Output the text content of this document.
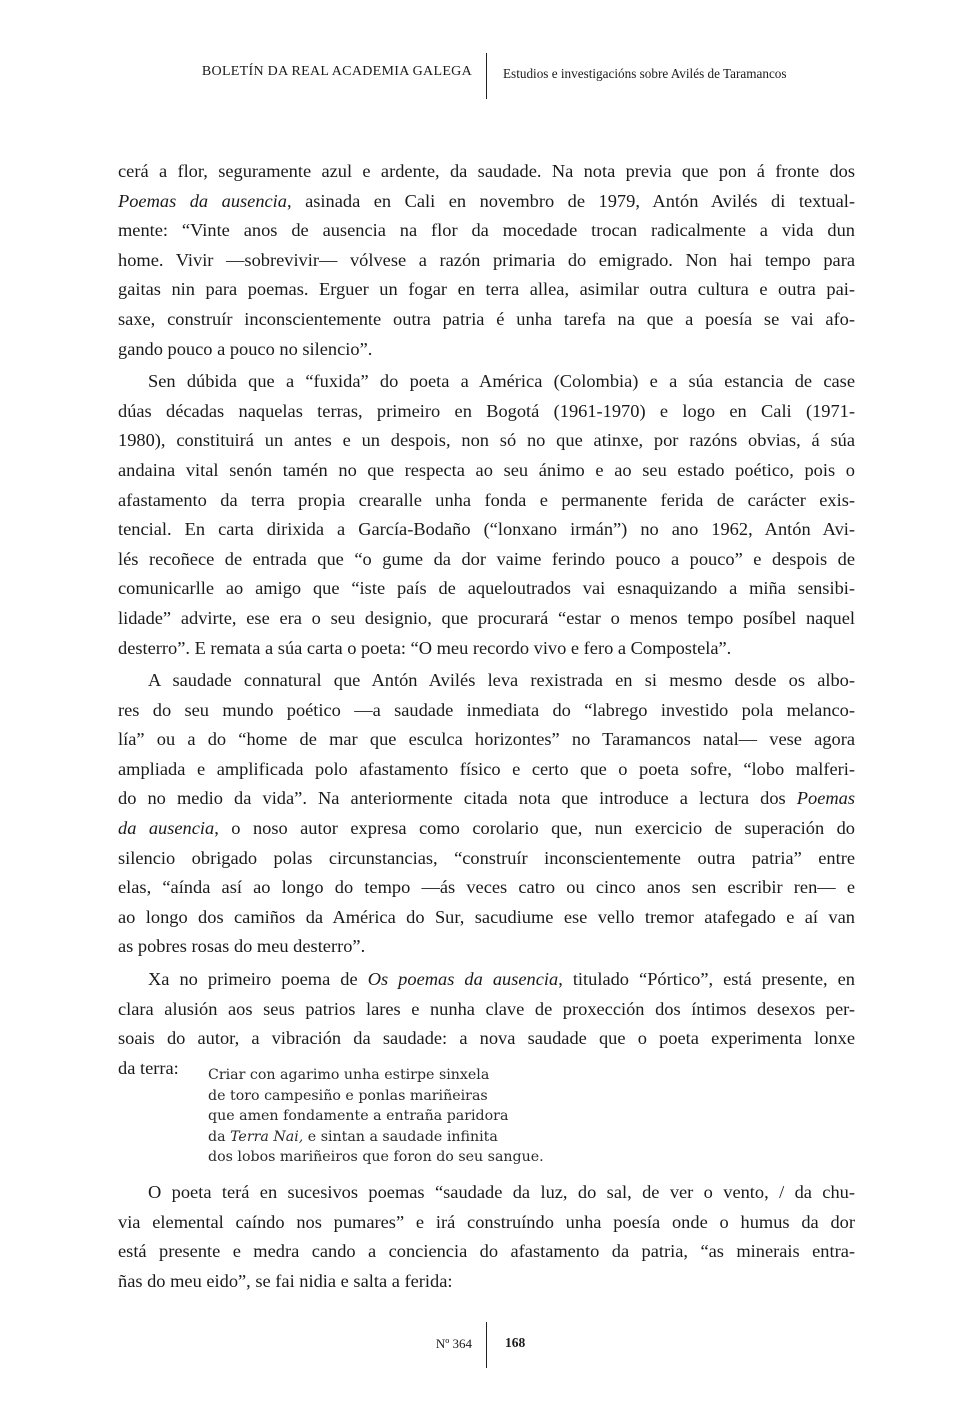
BOLETÍN DA REAL ACADEMIA GALEGA Estudios e investigacións sobre Avilés de Taramancos
cerá a flor, seguramente azul e ardente, da saudade. Na nota previa que pon á fronte dos
Poemas da ausencia, asinada en Cali en novembro de 1979, Antón Avilés di textual-
mente: “Vinte anos de ausencia na flor da mocedade trocan radicalmente a vida dun
home. Vivir —sobrevivir— vólvese a razón primaria do emigrado. Non hai tempo para
gaitas nin para poemas. Erguer un fogar en terra allea, asimilar outra cultura e outra pai-
saxe, construír inconscientemente outra patria é unha tarefa na que a poesía se vai afo-
gando pouco a pouco no silencio”.
Sen dúbida que a “fuxida” do poeta a América (Colombia) e a súa estancia de case
dúas décadas naquelas terras, primeiro en Bogotá (1961-1970) e logo en Cali (1971-
1980), constituirá un antes e un despois, non só no que atinxe, por razóns obvias, á súa
andaina vital senón tamén no que respecta ao seu ánimo e ao seu estado poético, pois o
afastamento da terra propia crearalle unha fonda e permanente ferida de carácter exis-
tencial. En carta dirixida a García-Bodaño (“lonxano irmán”) no ano 1962, Antón Avi-
lés recoñece de entrada que “o gume da dor vaime ferindo pouco a pouco” e despois de
comunicarlle ao amigo que “iste país de aqueloutrados vai esnaquizando a miña sensibi-
lidade” advirte, ese era o seu designio, que procurará “estar o menos tempo posíbel naquel
desterro”. E remata a súa carta o poeta: “O meu recordo vivo e fero a Compostela”.
A saudade connatural que Antón Avilés leva rexistrada en si mesmo desde os albo-
res do seu mundo poético —a saudade inmediata do “labrego investido pola melanco-
lía” ou a do “home de mar que esculca horizontes” no Taramancos natal— vese agora
ampliada e amplificada polo afastamento físico e certo que o poeta sofre, “lobo malferi-
do no medio da vida”. Na anteriormente citada nota que introduce a lectura dos Poemas
da ausencia, o noso autor expresa como corolario que, nun exercicio de superación do
silencio obrigado polas circunstancias, “construír inconscientemente outra patria” entre
elas, “aínda así ao longo do tempo —ás veces catro ou cinco anos sen escribir ren— e
ao longo dos camiños da América do Sur, sacudiume ese vello tremor atafegado e aí van
as pobres rosas do meu desterro”.
Xa no primeiro poema de Os poemas da ausencia, titulado “Pórtico”, está presente, en
clara alusión aos seus patrios lares e nunha clave de proxección dos íntimos desexos per-
soais do autor, a vibración da saudade: a nova saudade que o poeta experimenta lonxe
da terra:	Criar con agarimo unha estirpe sinxela
de toro campesiño e ponlas mariñeiras
que amen fondamente a entraña paridora
da Terra Nai, e sintan a saudade infinita
dos lobos mariñeiros que foron do seu sangue.
O poeta terá en sucesivos poemas “saudade da luz, do sal, de ver o vento, / da chu-
via elemental caíndo nos pumares” e irá construíndo unha poesía onde o humus da dor
está presente e medra cando a conciencia do afastamento da patria, “as minerais entra-
ñas do meu eido”, se fai nidia e salta a ferida:
Nº 364 168
